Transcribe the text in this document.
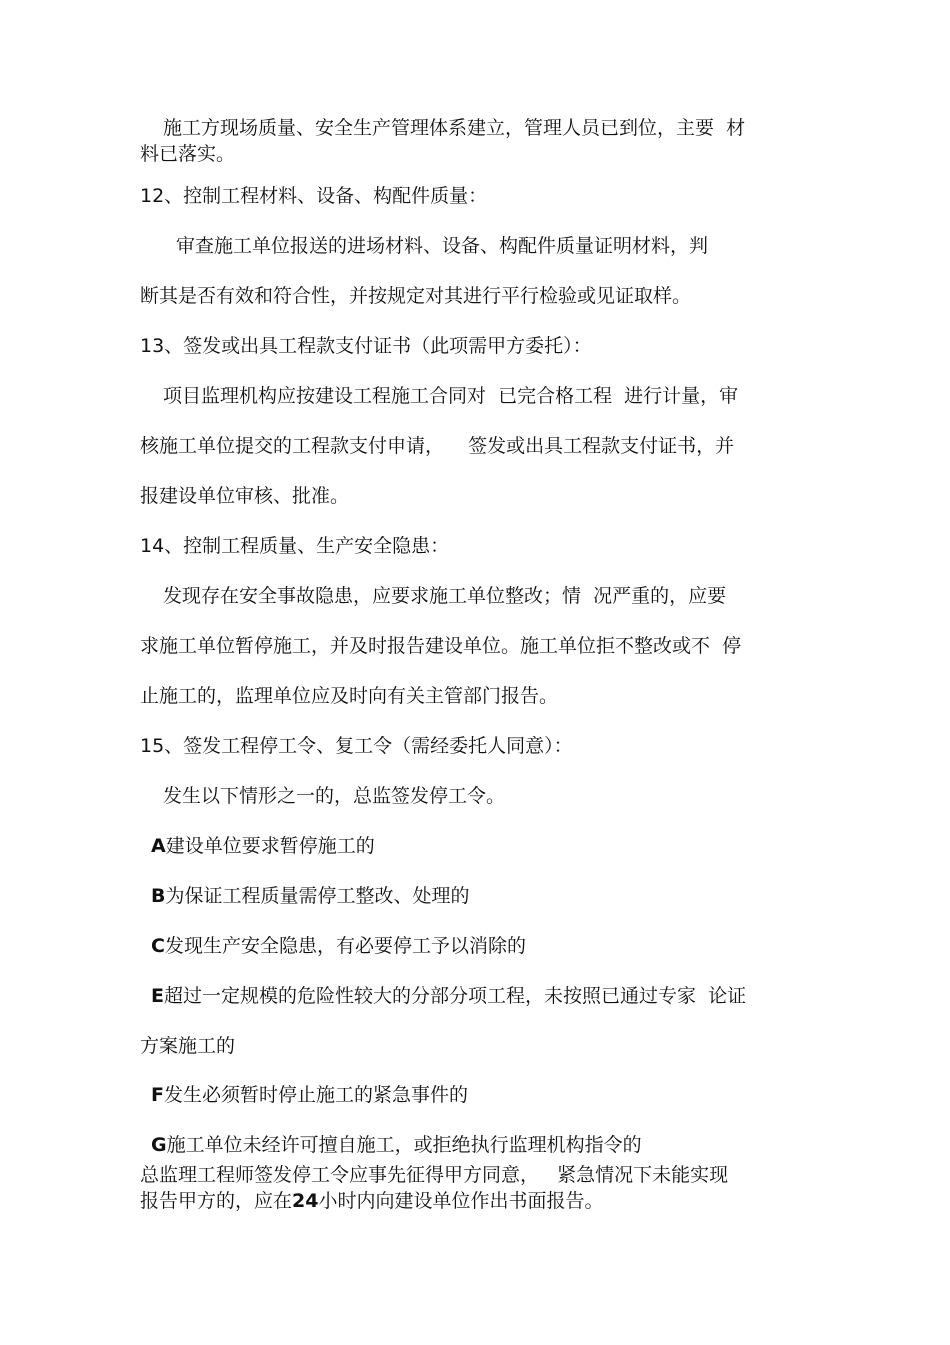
施工方现场质量、安全生产管理体系建立，管理人员已到位，主要  材
料已落实。
12、控制工程材料、设备、构配件质量：
审查施工单位报送的进场材料、设备、构配件质量证明材料，判
断其是否有效和符合性，并按规定对其进行平行检验或见证取样。
13、签发或出具工程款支付证书（此项需甲方委托）：
项目监理机构应按建设工程施工合同对  已完合格工程  进行计量，审
核施工单位提交的工程款支付申请，    签发或出具工程款支付证书，并
报建设单位审核、批准。
14、控制工程质量、生产安全隐患：
发现存在安全事故隐患，应要求施工单位整改；情  况严重的，应要
求施工单位暂停施工，并及时报告建设单位。施工单位拒不整改或不  停
止施工的，监理单位应及时向有关主管部门报告。
15、签发工程停工令、复工令（需经委托人同意）：
发生以下情形之一的，总监签发停工令。
A建设单位要求暂停施工的
B为保证工程质量需停工整改、处理的
C发现生产安全隐患，有必要停工予以消除的
E超过一定规模的危险性较大的分部分项工程，未按照已通过专家  论证
方案施工的
F发生必须暂时停止施工的紧急事件的
G施工单位未经许可擅自施工，或拒绝执行监理机构指令的
总监理工程师签发停工令应事先征得甲方同意，   紧急情况下未能实现
报告甲方的，应在24小时内向建设单位作出书面报告。
